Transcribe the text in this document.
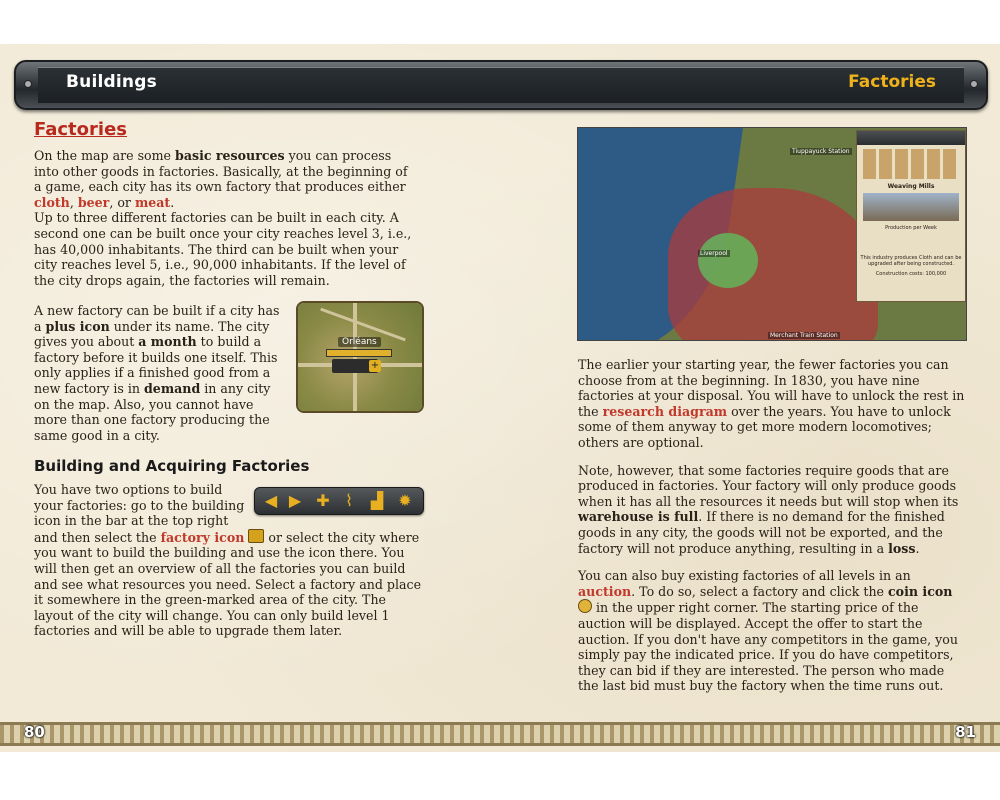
Buildings	Factories
Factories

On the map are some basic resources you can process into other goods in factories. Basically, at the beginning of a game, each city has its own factory that produces either cloth, beer, or meat.

Up to three different factories can be built in each city. A second one can be built once your city reaches level 3, i.e., has 40,000 inhabitants. The third can be built when your city reaches level 5, i.e., 90,000 inhabitants. If the level of the city drops again, the factories will remain.

A new factory can be built if a city has a plus icon under its name. The city gives you about a month to build a factory before it builds one itself. This only applies if a finished good from a new factory is in demand in any city on the map. Also, you cannot have more than one factory producing the same good in a city.

Orléans
+
Building and Acquiring Factories
◀ ▶ ✚ ⌇	▟ ✹

You have two options to build your factories: go to the building icon in the bar at the top right and then select the factory icon  or select the city where you want to build the building and use the icon there. You will then get an overview of all the factories you can build and see what resources you need. Select a factory and place it somewhere in the green-marked area of the city. The layout of the city will change. You can only build level 1 factories and will be able to upgrade them later.

Tiuppayuck Station
Liverpool
Merchant Train Station
Weaving Mills
Production per Week
This industry produces Cloth and can be upgraded after being constructed.
Construction costs: 100,000

The earlier your starting year, the fewer factories you can choose from at the beginning. In 1830, you have nine factories at your disposal. You will have to unlock the rest in the research diagram over the years. You have to unlock some of them anyway to get more modern locomotives; others are optional.

Note, however, that some factories require goods that are produced in factories. Your factory will only produce goods when it has all the resources it needs but will stop when its warehouse is full. If there is no demand for the finished goods in any city, the goods will not be exported, and the factory will not produce anything, resulting in a loss.

You can also buy existing factories of all levels in an auction. To do so, select a factory and click the coin icon  in the upper right corner. The starting price of the auction will be displayed. Accept the offer to start the auction. If you don't have any competitors in the game, you simply pay the indicated price. If you do have competitors, they can bid if they are interested. The person who made the last bid must buy the factory when the time runs out.

80	81
